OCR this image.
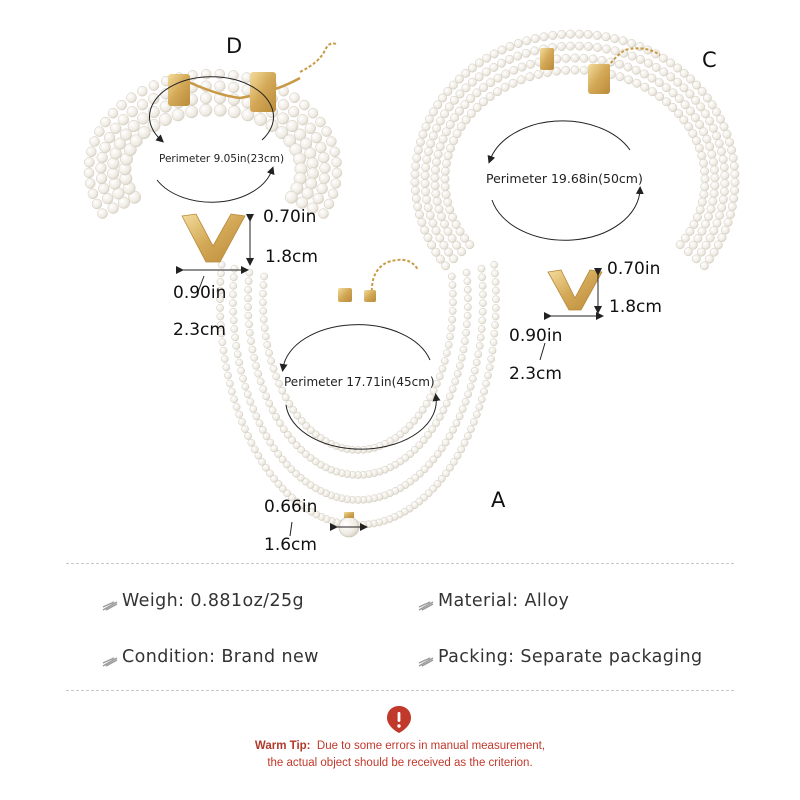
D
C
A
Perimeter 9.05in(23cm)
Perimeter 19.68in(50cm)
Perimeter 17.71in(45cm)
0.70in
1.8cm
0.90in
2.3cm
0.70in
1.8cm
0.90in
2.3cm
0.66in
1.6cm
Weigh: 0.881oz/25g	Material: Alloy
Condition: Brand new	Packing: Separate packaging
Warm Tip: Due to some errors in manual measurement,
the actual object should be received as the criterion.
